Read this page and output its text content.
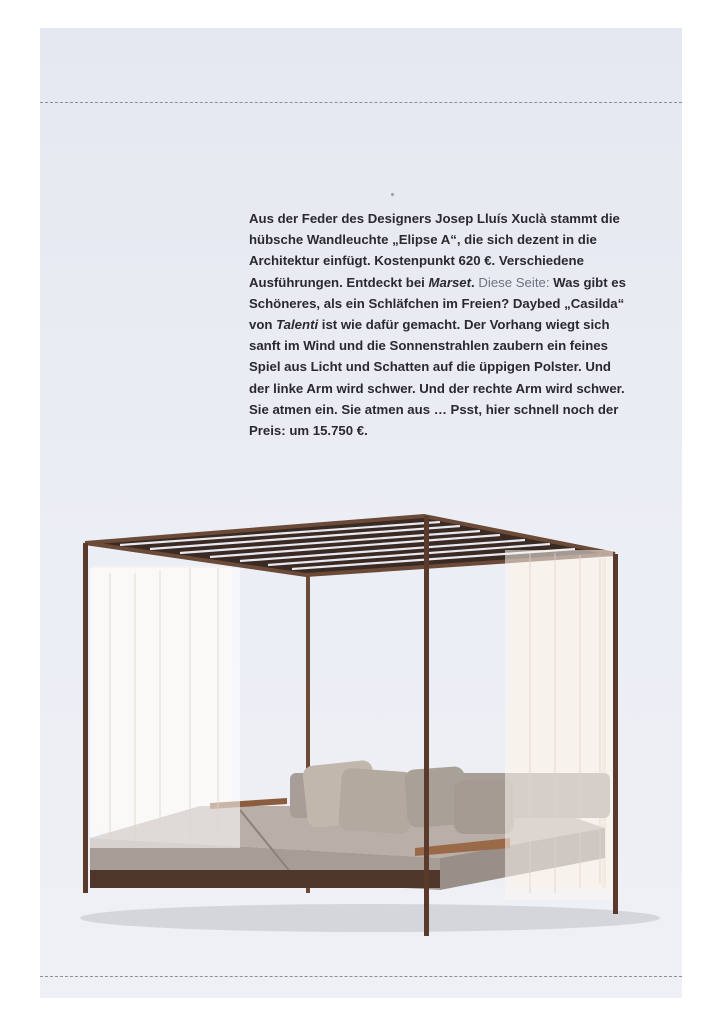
Aus der Feder des Designers Josep Lluís Xuclà stammt die hübsche Wandleuchte „Elipse A“, die sich dezent in die Architektur einfügt. Kostenpunkt 620 €. Verschiedene Ausführungen. Entdeckt bei Marset. Diese Seite: Was gibt es Schöneres, als ein Schläfchen im Freien? Daybed „Casilda“ von Talenti ist wie dafür gemacht. Der Vorhang wiegt sich sanft im Wind und die Sonnenstrahlen zaubern ein feines Spiel aus Licht und Schatten auf die üppigen Polster. Und der linke Arm wird schwer. Und der rechte Arm wird schwer. Sie atmen ein. Sie atmen aus … Psst, hier schnell noch der Preis: um 15.750 €.
